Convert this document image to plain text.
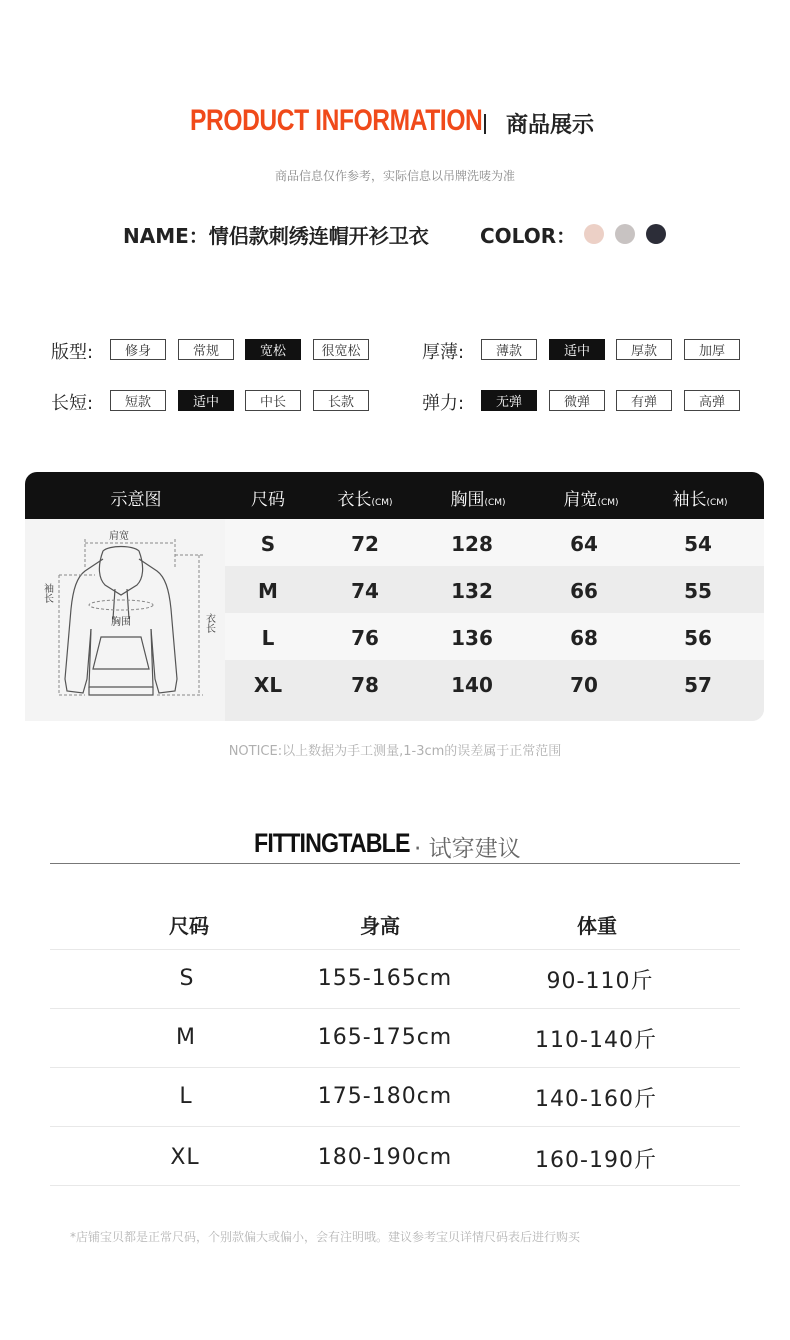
PRODUCT INFORMATION 商品展示
商品信息仅作参考，实际信息以吊牌洗唛为准
NAME：情侣款刺绣连帽开衫卫衣	COLOR：
版型:	修身	常规	宽松	很宽松
长短:	短款	适中	中长	长款
厚薄:	薄款	适中	厚款	加厚
弹力:	无弹	微弹	有弹	高弹
示意图	尺码	衣长(CM)	胸围(CM)	肩宽(CM)	袖长(CM)
S	72	128	64	54
M	74	132	66	55
L	76	136	68	56
XL	78	140	70	57
肩宽
胸围
袖长
衣长
NOTICE:以上数据为手工测量,1-3cm的误差属于正常范围
FITTINGTABLE · 试穿建议
尺码	身高	体重
S	155-165cm	90-110斤
M	165-175cm	110-140斤
L	175-180cm	140-160斤
XL	180-190cm	160-190斤
*店铺宝贝都是正常尺码，个别款偏大或偏小，会有注明哦。建议参考宝贝详情尺码表后进行购买
